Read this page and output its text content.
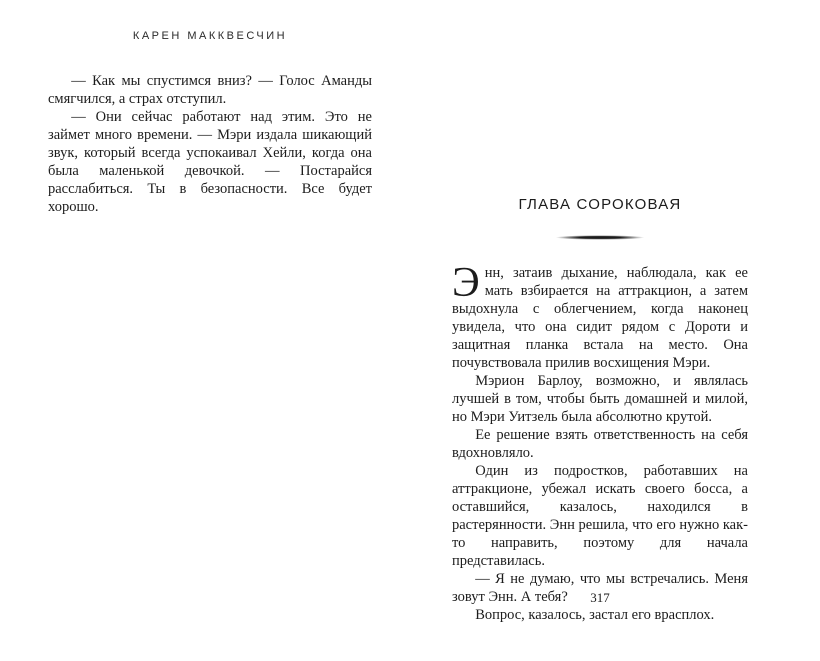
КАРЕН МАККВЕСЧИН

— Как мы спустимся вниз? — Голос Аманды смягчился, а страх отступил.

— Они сейчас работают над этим. Это не займет много времени. — Мэри издала шикающий звук, который всегда успокаивал Хейли, когда она была маленькой девочкой. — Постарайся расслабиться. Ты в безопасности. Все будет хорошо.	ГЛАВА СОРОКОВАЯ

Энн, затаив дыхание, наблюдала, как ее мать взбирается на аттракцион, а затем выдохнула с облегчением, когда наконец увидела, что она сидит рядом с Дороти и защитная планка встала на место. Она почувствовала прилив восхищения Мэри.

Мэрион Барлоу, возможно, и являлась лучшей в том, чтобы быть домашней и милой, но Мэри Уитзель была абсолютно крутой.

Ее решение взять ответственность на себя вдохновляло.

Один из подростков, работавших на аттракционе, убежал искать своего босса, а оставшийся, казалось, находился в растерянности. Энн решила, что его нужно как-то направить, поэтому для начала представилась.

— Я не думаю, что мы встречались. Меня зовут Энн. А тебя?

Вопрос, казалось, застал его врасплох.

317
